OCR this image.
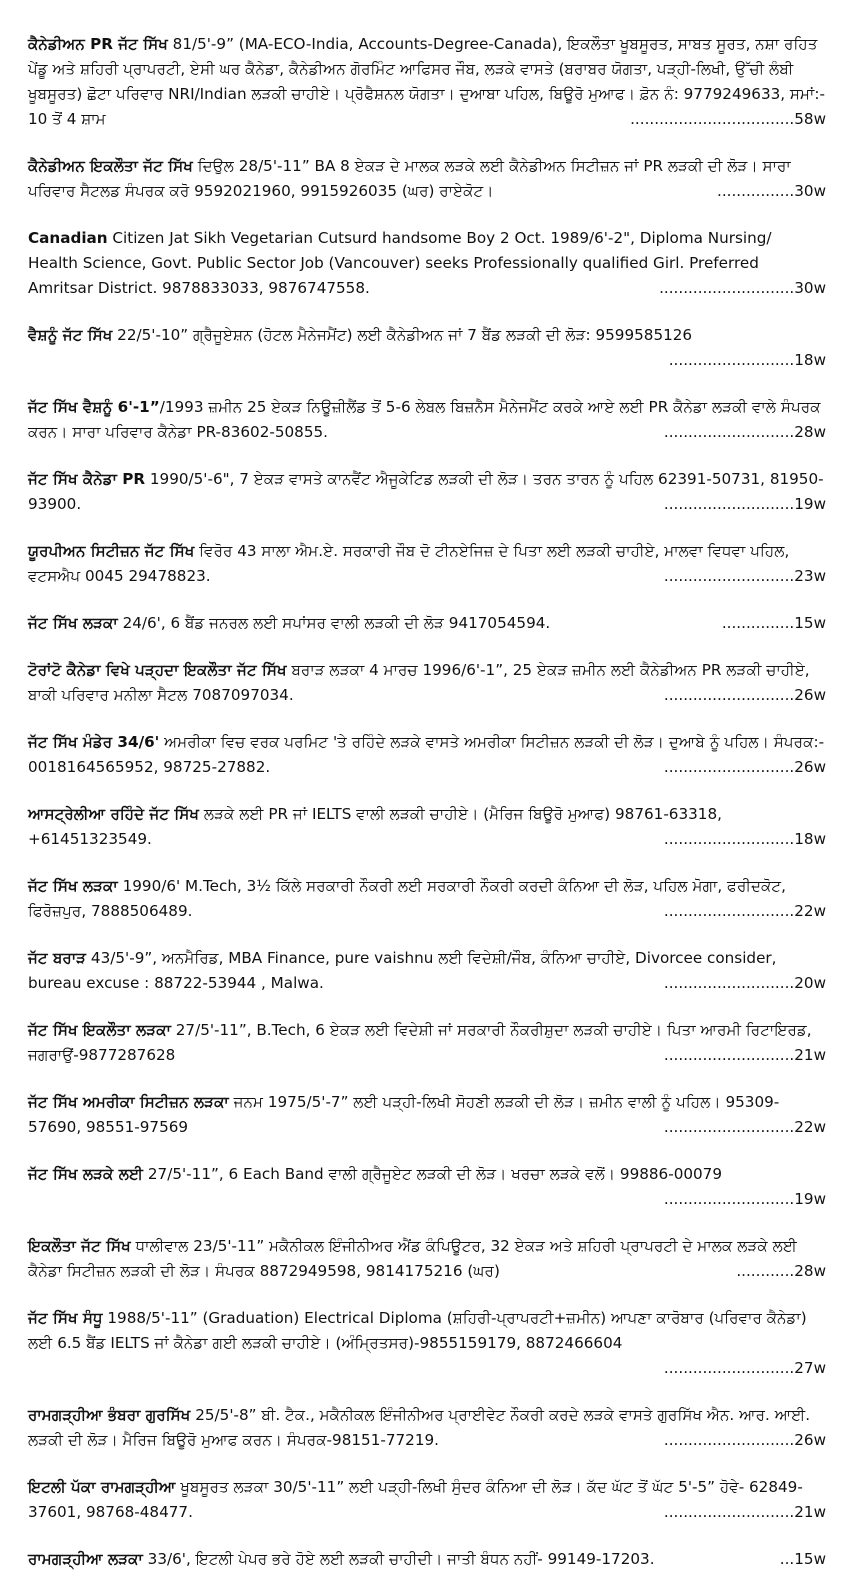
ਕੈਨੇਡੀਅਨ PR ਜੱਟ ਸਿੱਖ 81/5'-9” (MA-ECO-India, Accounts-Degree-Canada), ਇਕਲੌਤਾ ਖੂਬਸੂਰਤ, ਸਾਬਤ ਸੂਰਤ, ਨਸ਼ਾ ਰਹਿਤ ਪੇਂਡੂ ਅਤੇ ਸ਼ਹਿਰੀ ਪ੍ਰਾਪਰਟੀ, ਏਸੀ ਘਰ ਕੈਨੇਡਾ, ਕੈਨੇਡੀਅਨ ਗੋਰਮਿੰਟ ਆਫਿਸਰ ਜੌਬ, ਲੜਕੇ ਵਾਸਤੇ (ਬਰਾਬਰ ਯੋਗਤਾ, ਪੜ੍ਹੀ-ਲਿਖੀ, ਉੱਚੀ ਲੰਬੀ ਖੂਬਸੂਰਤ) ਛੋਟਾ ਪਰਿਵਾਰ NRI/Indian ਲੜਕੀ ਚਾਹੀਏ। ਪ੍ਰੋਫੈਸ਼ਨਲ ਯੋਗਤਾ। ਦੁਆਬਾ ਪਹਿਲ, ਬਿਊਰੋ ਮੁਆਫ। ਫ਼ੋਨ ਨੰ: 9779249633, ਸਮਾਂ:- 10 ਤੋਂ 4 ਸ਼ਾਮ	..................................58w

ਕੈਨੇਡੀਅਨ ਇਕਲੌਤਾ ਜੱਟ ਸਿੱਖ ਦਿਉਲ 28/5'-11” BA 8 ਏਕੜ ਦੇ ਮਾਲਕ ਲੜਕੇ ਲਈ ਕੈਨੇਡੀਅਨ ਸਿਟੀਜ਼ਨ ਜਾਂ PR ਲੜਕੀ ਦੀ ਲੋੜ। ਸਾਰਾ ਪਰਿਵਾਰ ਸੈਟਲਡ ਸੰਪਰਕ ਕਰੋ 9592021960, 9915926035 (ਘਰ) ਰਾਏਕੋਟ।	................30w

Canadian Citizen Jat Sikh Vegetarian Cutsurd handsome Boy 2 Oct. 1989/6'-2", Diploma Nursing/ Health Science, Govt. Public Sector Job (Vancouver) seeks Professionally qualified Girl. Preferred Amritsar District. 9878833033, 9876747558.	............................30w

ਵੈਸ਼ਨੂੰ ਜੱਟ ਸਿੱਖ 22/5'-10” ਗ੍ਰੈਜੂਏਸ਼ਨ (ਹੋਟਲ ਮੈਨੇਜਮੈਂਟ) ਲਈ ਕੈਨੇਡੀਅਨ ਜਾਂ 7 ਬੈਂਡ ਲੜਕੀ ਦੀ ਲੋੜ: 9599585126
..........................18w

ਜੱਟ ਸਿੱਖ ਵੈਸ਼ਨੂੰ 6'-1”/1993 ਜ਼ਮੀਨ 25 ਏਕੜ ਨਿਊਜ਼ੀਲੈਂਡ ਤੋਂ 5-6 ਲੇਬਲ ਬਿਜ਼ਨੈਸ ਮੈਨੇਜਮੈਂਟ ਕਰਕੇ ਆਏ ਲਈ PR ਕੈਨੇਡਾ ਲੜਕੀ ਵਾਲੇ ਸੰਪਰਕ ਕਰਨ। ਸਾਰਾ ਪਰਿਵਾਰ ਕੈਨੇਡਾ PR-83602-50855.	...........................28w

ਜੱਟ ਸਿੱਖ ਕੈਨੇਡਾ PR 1990/5'-6", 7 ਏਕੜ ਵਾਸਤੇ ਕਾਨਵੈਂਟ ਐਜੂਕੇਟਿਡ ਲੜਕੀ ਦੀ ਲੋੜ। ਤਰਨ ਤਾਰਨ ਨੂੰ ਪਹਿਲ 62391-50731, 81950-93900.	...........................19w

ਯੂਰਪੀਅਨ ਸਿਟੀਜ਼ਨ ਜੱਟ ਸਿੱਖ ਵਿਰੋਰ 43 ਸਾਲਾ ਐਮ.ਏ. ਸਰਕਾਰੀ ਜੌਬ ਦੋ ਟੀਨਏਜਿਜ਼ ਦੇ ਪਿਤਾ ਲਈ ਲੜਕੀ ਚਾਹੀਏ, ਮਾਲਵਾ ਵਿਧਵਾ ਪਹਿਲ, ਵਟਸਐਪ 0045 29478823.	...........................23w

ਜੱਟ ਸਿੱਖ ਲੜਕਾ 24/6', 6 ਬੈਂਡ ਜਨਰਲ ਲਈ ਸਪਾਂਸਰ ਵਾਲੀ ਲੜਕੀ ਦੀ ਲੋੜ 9417054594.	...............15w

ਟੋਰਾਂਟੋ ਕੈਨੇਡਾ ਵਿਖੇ ਪੜ੍ਹਦਾ ਇਕਲੌਤਾ ਜੱਟ ਸਿੱਖ ਬਰਾੜ ਲੜਕਾ 4 ਮਾਰਚ 1996/6'-1”, 25 ਏਕੜ ਜ਼ਮੀਨ ਲਈ ਕੈਨੇਡੀਅਨ PR ਲੜਕੀ ਚਾਹੀਏ, ਬਾਕੀ ਪਰਿਵਾਰ ਮਨੀਲਾ ਸੈਟਲ 7087097034.	...........................26w

ਜੱਟ ਸਿੱਖ ਮੰਡੇਰ 34/6' ਅਮਰੀਕਾ ਵਿਚ ਵਰਕ ਪਰਮਿਟ 'ਤੇ ਰਹਿੰਦੇ ਲੜਕੇ ਵਾਸਤੇ ਅਮਰੀਕਾ ਸਿਟੀਜ਼ਨ ਲੜਕੀ ਦੀ ਲੋੜ। ਦੁਆਬੇ ਨੂੰ ਪਹਿਲ। ਸੰਪਰਕ:- 0018164565952, 98725-27882.	...........................26w

ਆਸਟ੍ਰੇਲੀਆ ਰਹਿੰਦੇ ਜੱਟ ਸਿੱਖ ਲੜਕੇ ਲਈ PR ਜਾਂ IELTS ਵਾਲੀ ਲੜਕੀ ਚਾਹੀਏ। (ਮੈਰਿਜ ਬਿਊਰੋ ਮੁਆਫ) 98761-63318, +61451323549.	...........................18w

ਜੱਟ ਸਿੱਖ ਲੜਕਾ 1990/6' M.Tech, 3½ ਕਿੱਲੇ ਸਰਕਾਰੀ ਨੌਕਰੀ ਲਈ ਸਰਕਾਰੀ ਨੌਕਰੀ ਕਰਦੀ ਕੰਨਿਆ ਦੀ ਲੋੜ, ਪਹਿਲ ਮੋਗਾ, ਫਰੀਦਕੋਟ, ਫਿਰੋਜ਼ਪੁਰ, 7888506489.	...........................22w

ਜੱਟ ਬਰਾੜ 43/5'-9”, ਅਨਮੈਰਿਡ, MBA Finance, pure vaishnu ਲਈ ਵਿਦੇਸ਼ੀ/ਜੌਬ, ਕੰਨਿਆ ਚਾਹੀਏ, Divorcee consider, bureau excuse : 88722-53944 , Malwa.	...........................20w

ਜੱਟ ਸਿੱਖ ਇਕਲੌਤਾ ਲੜਕਾ 27/5'-11”, B.Tech, 6 ਏਕੜ ਲਈ ਵਿਦੇਸ਼ੀ ਜਾਂ ਸਰਕਾਰੀ ਨੌਕਰੀਸ਼ੁਦਾ ਲੜਕੀ ਚਾਹੀਏ। ਪਿਤਾ ਆਰਮੀ ਰਿਟਾਇਰਡ, ਜਗਰਾਉਂ-9877287628	...........................21w

ਜੱਟ ਸਿੱਖ ਅਮਰੀਕਾ ਸਿਟੀਜ਼ਨ ਲੜਕਾ ਜਨਮ 1975/5'-7” ਲਈ ਪੜ੍ਹੀ-ਲਿਖੀ ਸੋਹਣੀ ਲੜਕੀ ਦੀ ਲੋੜ। ਜ਼ਮੀਨ ਵਾਲੀ ਨੂੰ ਪਹਿਲ। 95309-57690, 98551-97569	...........................22w

ਜੱਟ ਸਿੱਖ ਲੜਕੇ ਲਈ 27/5'-11”, 6 Each Band ਵਾਲੀ ਗ੍ਰੈਜੂਏਟ ਲੜਕੀ ਦੀ ਲੋੜ। ਖਰਚਾ ਲੜਕੇ ਵਲੋਂ। 99886-00079
...........................19w

ਇਕਲੌਤਾ ਜੱਟ ਸਿੱਖ ਧਾਲੀਵਾਲ 23/5'-11” ਮਕੈਨੀਕਲ ਇੰਜੀਨੀਅਰ ਐਂਡ ਕੰਪਿਊਟਰ, 32 ਏਕੜ ਅਤੇ ਸ਼ਹਿਰੀ ਪ੍ਰਾਪਰਟੀ ਦੇ ਮਾਲਕ ਲੜਕੇ ਲਈ ਕੈਨੇਡਾ ਸਿਟੀਜ਼ਨ ਲੜਕੀ ਦੀ ਲੋੜ। ਸੰਪਰਕ 8872949598, 9814175216 (ਘਰ)	............28w

ਜੱਟ ਸਿੱਖ ਸੰਧੂ 1988/5'-11” (Graduation) Electrical Diploma (ਸ਼ਹਿਰੀ-ਪ੍ਰਾਪਰਟੀ+ਜ਼ਮੀਨ) ਆਪਣਾ ਕਾਰੋਬਾਰ (ਪਰਿਵਾਰ ਕੈਨੇਡਾ) ਲਈ 6.5 ਬੈਂਡ IELTS ਜਾਂ ਕੈਨੇਡਾ ਗਈ ਲੜਕੀ ਚਾਹੀਏ। (ਅੰਮ੍ਰਿਤਸਰ)-9855159179, 8872466604
...........................27w

ਰਾਮਗੜ੍ਹੀਆ ਭੰਬਰਾ ਗੁਰਸਿੱਖ 25/5'-8” ਬੀ. ਟੈਕ., ਮਕੈਨੀਕਲ ਇੰਜੀਨੀਅਰ ਪ੍ਰਾਈਵੇਟ ਨੌਕਰੀ ਕਰਦੇ ਲੜਕੇ ਵਾਸਤੇ ਗੁਰਸਿੱਖ ਐਨ. ਆਰ. ਆਈ. ਲੜਕੀ ਦੀ ਲੋੜ। ਮੈਰਿਜ ਬਿਊਰੋ ਮੁਆਫ ਕਰਨ। ਸੰਪਰਕ-98151-77219.	...........................26w

ਇਟਲੀ ਪੱਕਾ ਰਾਮਗੜ੍ਹੀਆ ਖੂਬਸੂਰਤ ਲੜਕਾ 30/5'-11” ਲਈ ਪੜ੍ਹੀ-ਲਿਖੀ ਸੁੰਦਰ ਕੰਨਿਆ ਦੀ ਲੋੜ। ਕੱਦ ਘੱਟ ਤੋਂ ਘੱਟ 5'-5” ਹੋਵੇ- 62849-37601, 98768-48477.	...........................21w

ਰਾਮਗੜ੍ਹੀਆ ਲੜਕਾ 33/6', ਇਟਲੀ ਪੇਪਰ ਭਰੇ ਹੋਏ ਲਈ ਲੜਕੀ ਚਾਹੀਦੀ। ਜਾਤੀ ਬੰਧਨ ਨਹੀਂ- 99149-17203.	...15w
